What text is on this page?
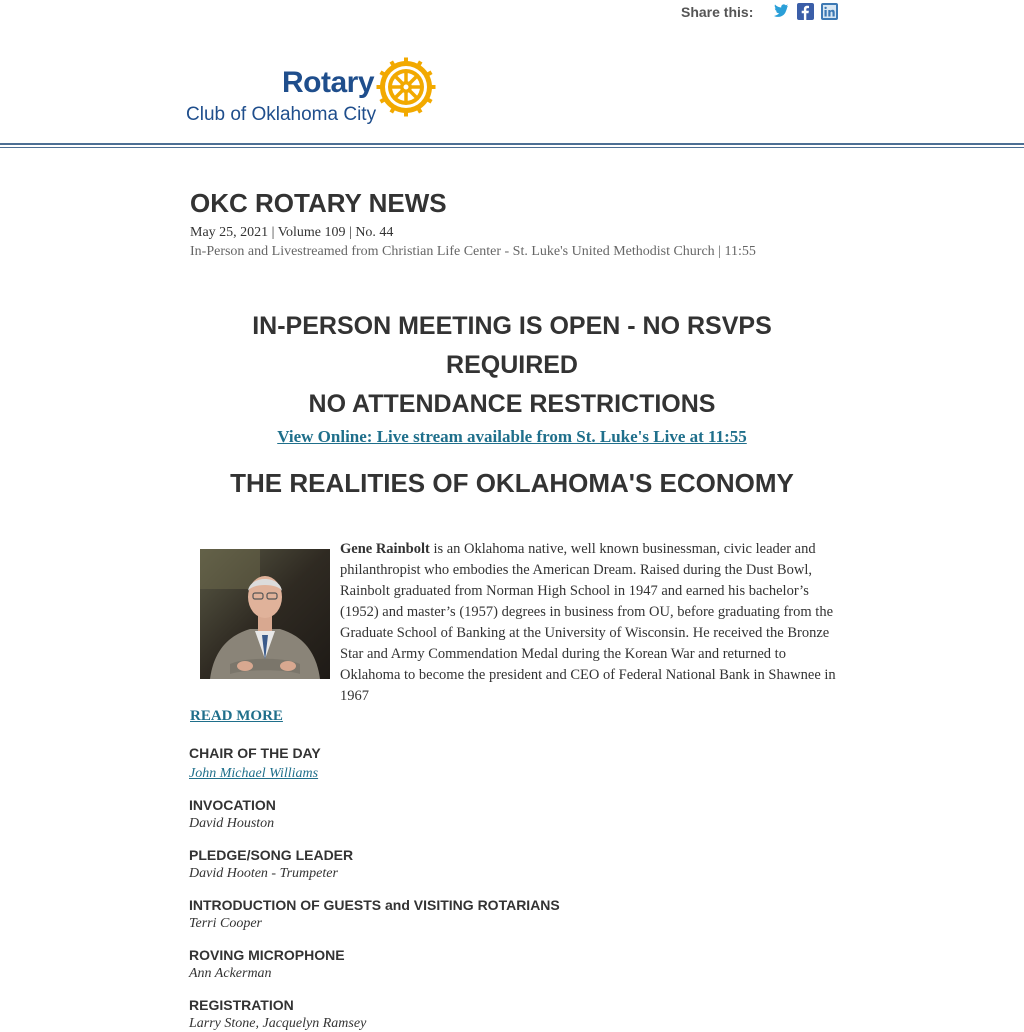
Share this:
Rotary
Club of Oklahoma City
OKC ROTARY NEWS
May 25, 2021 | Volume 109 | No. 44
In-Person and Livestreamed from Christian Life Center - St. Luke's United Methodist Church | 11:55
IN-PERSON MEETING IS OPEN - NO RSVPS REQUIRED
NO ATTENDANCE RESTRICTIONS
View Online: Live stream available from St. Luke's Live at 11:55
THE REALITIES OF OKLAHOMA'S ECONOMY
Gene Rainbolt is an Oklahoma native, well known businessman, civic leader and philanthropist who embodies the American Dream. Raised during the Dust Bowl, Rainbolt graduated from Norman High School in 1947 and earned his bachelor’s (1952) and master’s (1957) degrees in business from OU, before graduating from the Graduate School of Banking at the University of Wisconsin. He received the Bronze Star and Army Commendation Medal during the Korean War and returned to Oklahoma to become the president and CEO of Federal National Bank in Shawnee in 1967
READ MORE
CHAIR OF THE DAY
John Michael Williams
INVOCATION
David Houston
PLEDGE/SONG LEADER
David Hooten - Trumpeter
INTRODUCTION OF GUESTS and VISITING ROTARIANS
Terri Cooper
ROVING MICROPHONE
Ann Ackerman
REGISTRATION
Larry Stone, Jacquelyn Ramsey
